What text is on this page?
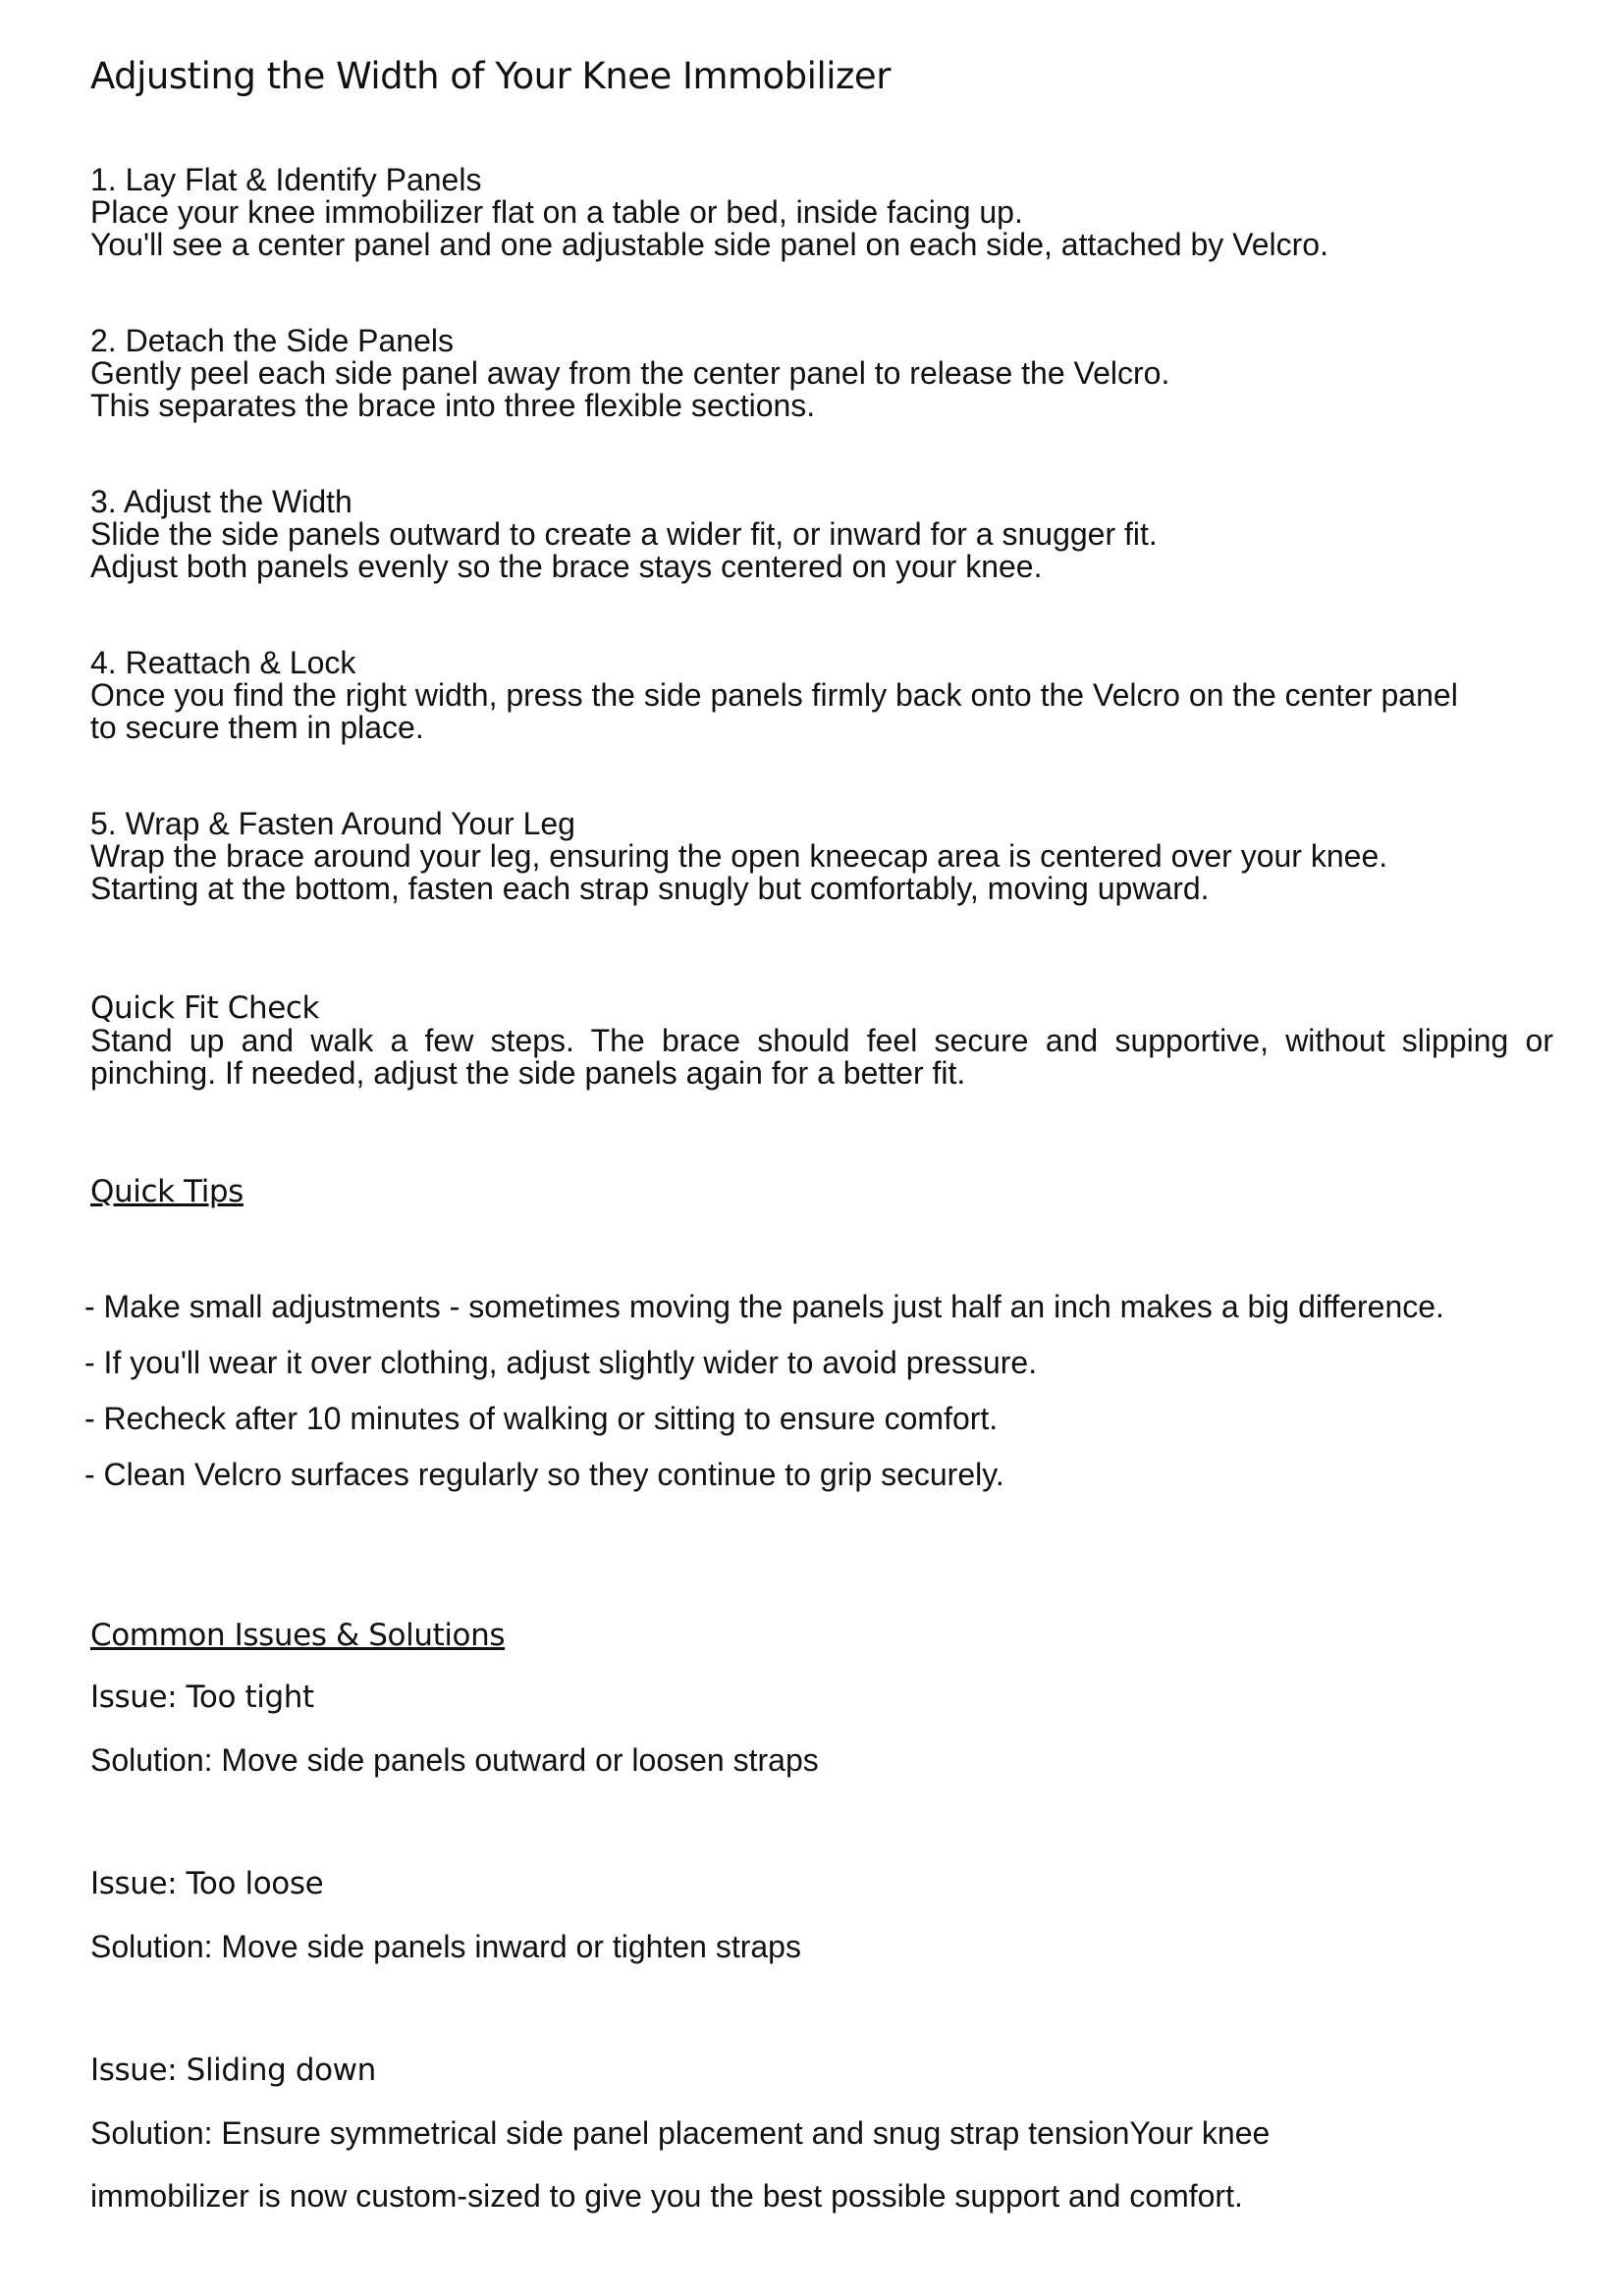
Adjusting the Width of Your Knee Immobilizer
1. Lay Flat & Identify Panels
Place your knee immobilizer flat on a table or bed, inside facing up.
You'll see a center panel and one adjustable side panel on each side, attached by Velcro.
2. Detach the Side Panels
Gently peel each side panel away from the center panel to release the Velcro.
This separates the brace into three flexible sections.
3. Adjust the Width
Slide the side panels outward to create a wider fit, or inward for a snugger fit.
Adjust both panels evenly so the brace stays centered on your knee.
4. Reattach & Lock
Once you find the right width, press the side panels firmly back onto the Velcro on the center panel
to secure them in place.
5. Wrap & Fasten Around Your Leg
Wrap the brace around your leg, ensuring the open kneecap area is centered over your knee.
Starting at the bottom, fasten each strap snugly but comfortably, moving upward.
Quick Fit Check
Stand up and walk a few steps. The brace should feel secure and supportive, without slipping or pinching. If needed, adjust the side panels again for a better fit.
Quick Tips
- Make small adjustments - sometimes moving the panels just half an inch makes a big difference.
- If you'll wear it over clothing, adjust slightly wider to avoid pressure.
- Recheck after 10 minutes of walking or sitting to ensure comfort.
- Clean Velcro surfaces regularly so they continue to grip securely.
Common Issues & Solutions
Issue: Too tight
Solution: Move side panels outward or loosen straps
Issue: Too loose
Solution: Move side panels inward or tighten straps
Issue: Sliding down
Solution: Ensure symmetrical side panel placement and snug strap tensionYour knee
immobilizer is now custom-sized to give you the best possible support and comfort.
